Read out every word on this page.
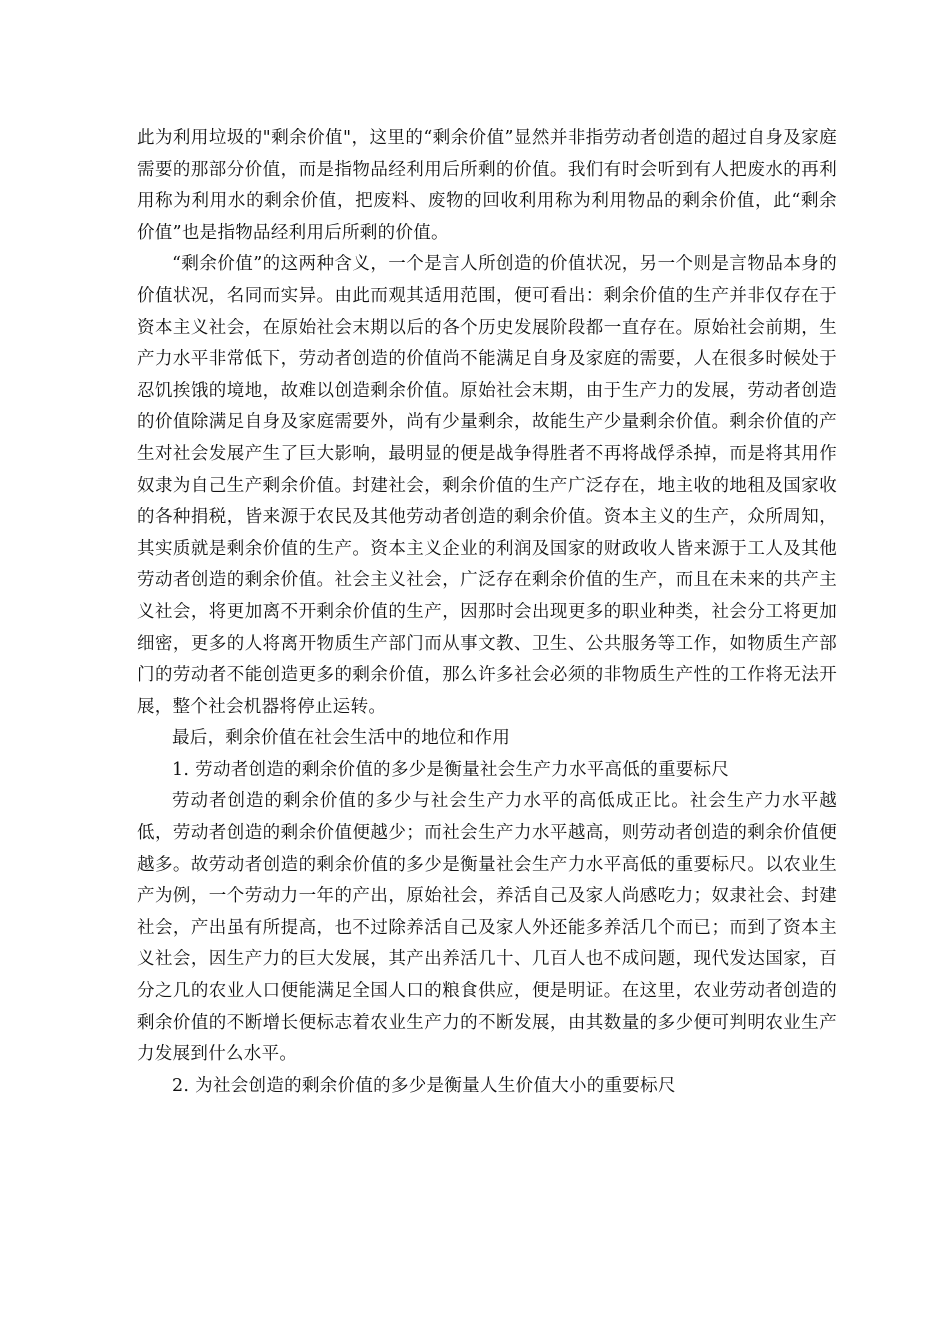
此为利用垃圾的"剩余价值"，这里的“剩余价值”显然并非指劳动者创造的超过自身及家庭需要的那部分价值，而是指物品经利用后所剩的价值。我们有时会听到有人把废水的再利用称为利用水的剩余价值，把废料、废物的回收利用称为利用物品的剩余价值，此“剩余价值”也是指物品经利用后所剩的价值。

“剩余价值”的这两种含义，一个是言人所创造的价值状况，另一个则是言物品本身的价值状况，名同而实异。由此而观其适用范围，便可看出：剩余价值的生产并非仅存在于资本主义社会，在原始社会末期以后的各个历史发展阶段都一直存在。原始社会前期，生产力水平非常低下，劳动者创造的价值尚不能满足自身及家庭的需要，人在很多时候处于忍饥挨饿的境地，故难以创造剩余价值。原始社会末期，由于生产力的发展，劳动者创造的价值除满足自身及家庭需要外，尚有少量剩余，故能生产少量剩余价值。剩余价值的产生对社会发展产生了巨大影响，最明显的便是战争得胜者不再将战俘杀掉，而是将其用作奴隶为自己生产剩余价值。封建社会，剩余价值的生产广泛存在，地主收的地租及国家收的各种捐税，皆来源于农民及其他劳动者创造的剩余价值。资本主义的生产，众所周知，其实质就是剩余价值的生产。资本主义企业的利润及国家的财政收人皆来源于工人及其他劳动者创造的剩余价值。社会主义社会，广泛存在剩余价值的生产，而且在未来的共产主义社会，将更加离不开剩余价值的生产，因那时会出现更多的职业种类，社会分工将更加细密，更多的人将离开物质生产部门而从事文教、卫生、公共服务等工作，如物质生产部门的劳动者不能创造更多的剩余价值，那么许多社会必须的非物质生产性的工作将无法开展，整个社会机器将停止运转。

最后，剩余价值在社会生活中的地位和作用

1. 劳动者创造的剩余价值的多少是衡量社会生产力水平高低的重要标尺

劳动者创造的剩余价值的多少与社会生产力水平的高低成正比。社会生产力水平越低，劳动者创造的剩余价值便越少；而社会生产力水平越高，则劳动者创造的剩余价值便越多。故劳动者创造的剩余价值的多少是衡量社会生产力水平高低的重要标尺。以农业生产为例，一个劳动力一年的产出，原始社会，养活自己及家人尚感吃力；奴隶社会、封建社会，产出虽有所提高，也不过除养活自己及家人外还能多养活几个而已；而到了资本主义社会，因生产力的巨大发展，其产出养活几十、几百人也不成问题，现代发达国家，百分之几的农业人口便能满足全国人口的粮食供应，便是明证。在这里，农业劳动者创造的剩余价值的不断增长便标志着农业生产力的不断发展，由其数量的多少便可判明农业生产力发展到什么水平。

2. 为社会创造的剩余价值的多少是衡量人生价值大小的重要标尺
